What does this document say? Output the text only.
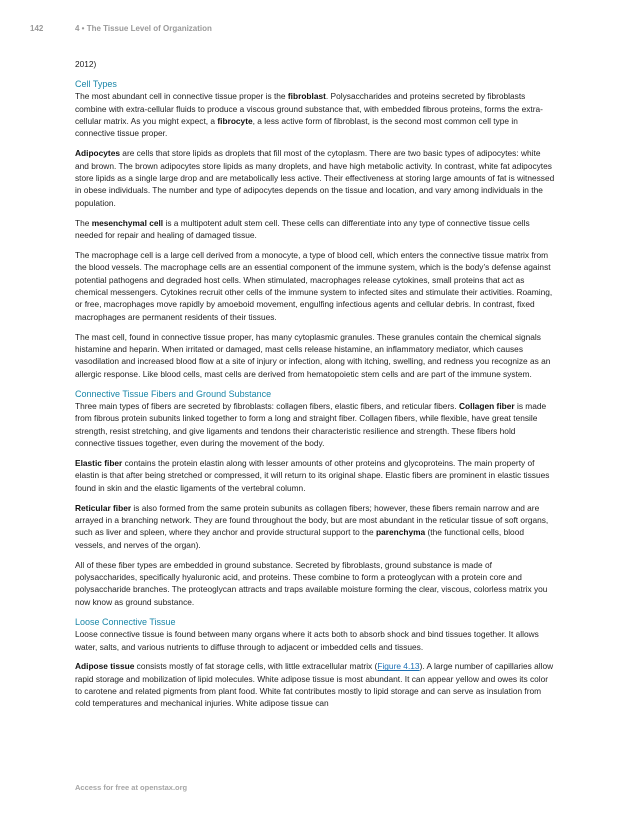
142	4 • The Tissue Level of Organization

2012)

Cell Types

The most abundant cell in connective tissue proper is the fibroblast. Polysaccharides and proteins secreted by fibroblasts combine with extra-cellular fluids to produce a viscous ground substance that, with embedded fibrous proteins, forms the extra-cellular matrix. As you might expect, a fibrocyte, a less active form of fibroblast, is the second most common cell type in connective tissue proper.

Adipocytes are cells that store lipids as droplets that fill most of the cytoplasm. There are two basic types of adipocytes: white and brown. The brown adipocytes store lipids as many droplets, and have high metabolic activity. In contrast, white fat adipocytes store lipids as a single large drop and are metabolically less active. Their effectiveness at storing large amounts of fat is witnessed in obese individuals. The number and type of adipocytes depends on the tissue and location, and vary among individuals in the population.

The mesenchymal cell is a multipotent adult stem cell. These cells can differentiate into any type of connective tissue cells needed for repair and healing of damaged tissue.

The macrophage cell is a large cell derived from a monocyte, a type of blood cell, which enters the connective tissue matrix from the blood vessels. The macrophage cells are an essential component of the immune system, which is the body’s defense against potential pathogens and degraded host cells. When stimulated, macrophages release cytokines, small proteins that act as chemical messengers. Cytokines recruit other cells of the immune system to infected sites and stimulate their activities. Roaming, or free, macrophages move rapidly by amoeboid movement, engulfing infectious agents and cellular debris. In contrast, fixed macrophages are permanent residents of their tissues.

The mast cell, found in connective tissue proper, has many cytoplasmic granules. These granules contain the chemical signals histamine and heparin. When irritated or damaged, mast cells release histamine, an inflammatory mediator, which causes vasodilation and increased blood flow at a site of injury or infection, along with itching, swelling, and redness you recognize as an allergic response. Like blood cells, mast cells are derived from hematopoietic stem cells and are part of the immune system.

Connective Tissue Fibers and Ground Substance

Three main types of fibers are secreted by fibroblasts: collagen fibers, elastic fibers, and reticular fibers. Collagen fiber is made from fibrous protein subunits linked together to form a long and straight fiber. Collagen fibers, while flexible, have great tensile strength, resist stretching, and give ligaments and tendons their characteristic resilience and strength. These fibers hold connective tissues together, even during the movement of the body.

Elastic fiber contains the protein elastin along with lesser amounts of other proteins and glycoproteins. The main property of elastin is that after being stretched or compressed, it will return to its original shape. Elastic fibers are prominent in elastic tissues found in skin and the elastic ligaments of the vertebral column.

Reticular fiber is also formed from the same protein subunits as collagen fibers; however, these fibers remain narrow and are arrayed in a branching network. They are found throughout the body, but are most abundant in the reticular tissue of soft organs, such as liver and spleen, where they anchor and provide structural support to the parenchyma (the functional cells, blood vessels, and nerves of the organ).

All of these fiber types are embedded in ground substance. Secreted by fibroblasts, ground substance is made of polysaccharides, specifically hyaluronic acid, and proteins. These combine to form a proteoglycan with a protein core and polysaccharide branches. The proteoglycan attracts and traps available moisture forming the clear, viscous, colorless matrix you now know as ground substance.

Loose Connective Tissue

Loose connective tissue is found between many organs where it acts both to absorb shock and bind tissues together. It allows water, salts, and various nutrients to diffuse through to adjacent or imbedded cells and tissues.

Adipose tissue consists mostly of fat storage cells, with little extracellular matrix (Figure 4.13). A large number of capillaries allow rapid storage and mobilization of lipid molecules. White adipose tissue is most abundant. It can appear yellow and owes its color to carotene and related pigments from plant food. White fat contributes mostly to lipid storage and can serve as insulation from cold temperatures and mechanical injuries. White adipose tissue can

Access for free at openstax.org
